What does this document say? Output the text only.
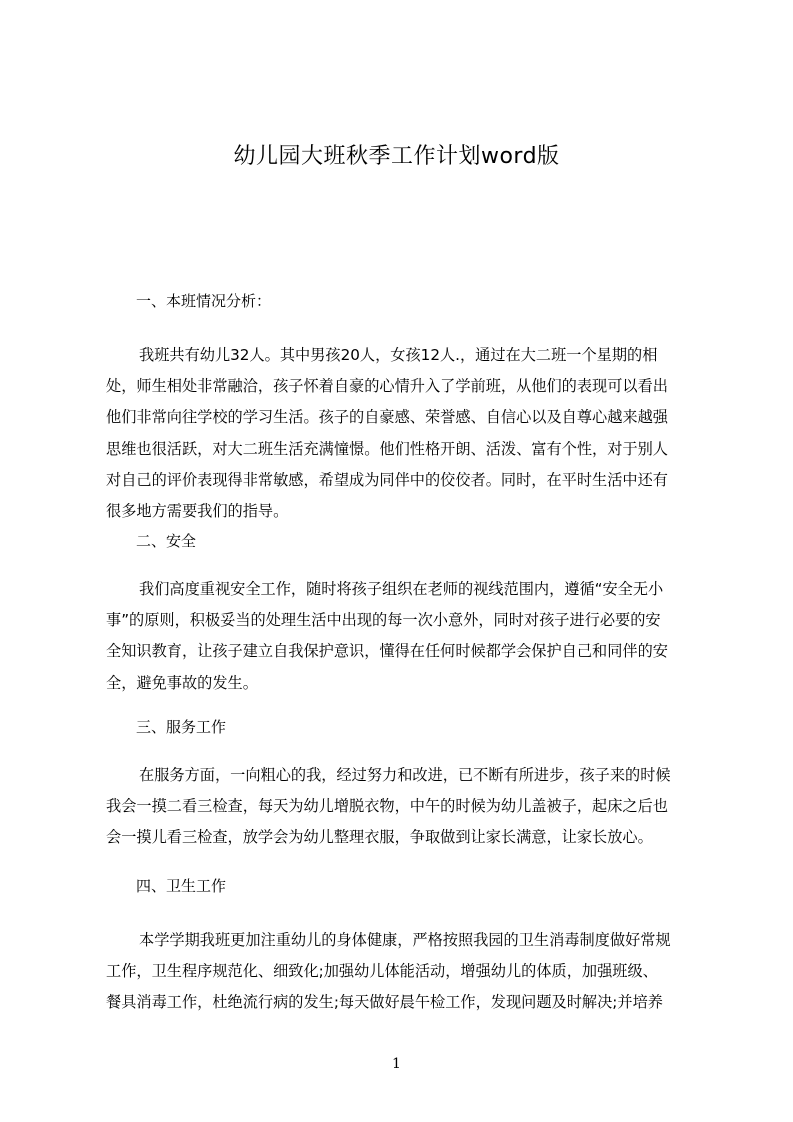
幼儿园大班秋季工作计划word版
一、本班情况分析：
我班共有幼儿32人。其中男孩20人，女孩12人.，通过在大二班一个星期的相
处，师生相处非常融洽，孩子怀着自豪的心情升入了学前班，从他们的表现可以看出
他们非常向往学校的学习生活。孩子的自豪感、荣誉感、自信心以及自尊心越来越强
思维也很活跃，对大二班生活充满憧憬。他们性格开朗、活泼、富有个性，对于别人
对自己的评价表现得非常敏感，希望成为同伴中的佼佼者。同时，在平时生活中还有
很多地方需要我们的指导。
二、安全
我们高度重视安全工作，随时将孩子组织在老师的视线范围内，遵循“安全无小
事”的原则，积极妥当的处理生活中出现的每一次小意外，同时对孩子进行必要的安
全知识教育，让孩子建立自我保护意识，懂得在任何时候都学会保护自己和同伴的安
全，避免事故的发生。
三、服务工作
在服务方面，一向粗心的我，经过努力和改进，已不断有所进步，孩子来的时候
我会一摸二看三检查，每天为幼儿增脱衣物，中午的时候为幼儿盖被子，起床之后也
会一摸儿看三检查，放学会为幼儿整理衣服，争取做到让家长满意，让家长放心。
四、卫生工作
本学学期我班更加注重幼儿的身体健康，严格按照我园的卫生消毒制度做好常规
工作，卫生程序规范化、细致化;加强幼儿体能活动，增强幼儿的体质，加强班级、
餐具消毒工作，杜绝流行病的发生;每天做好晨午检工作，发现问题及时解决;并培养
1
